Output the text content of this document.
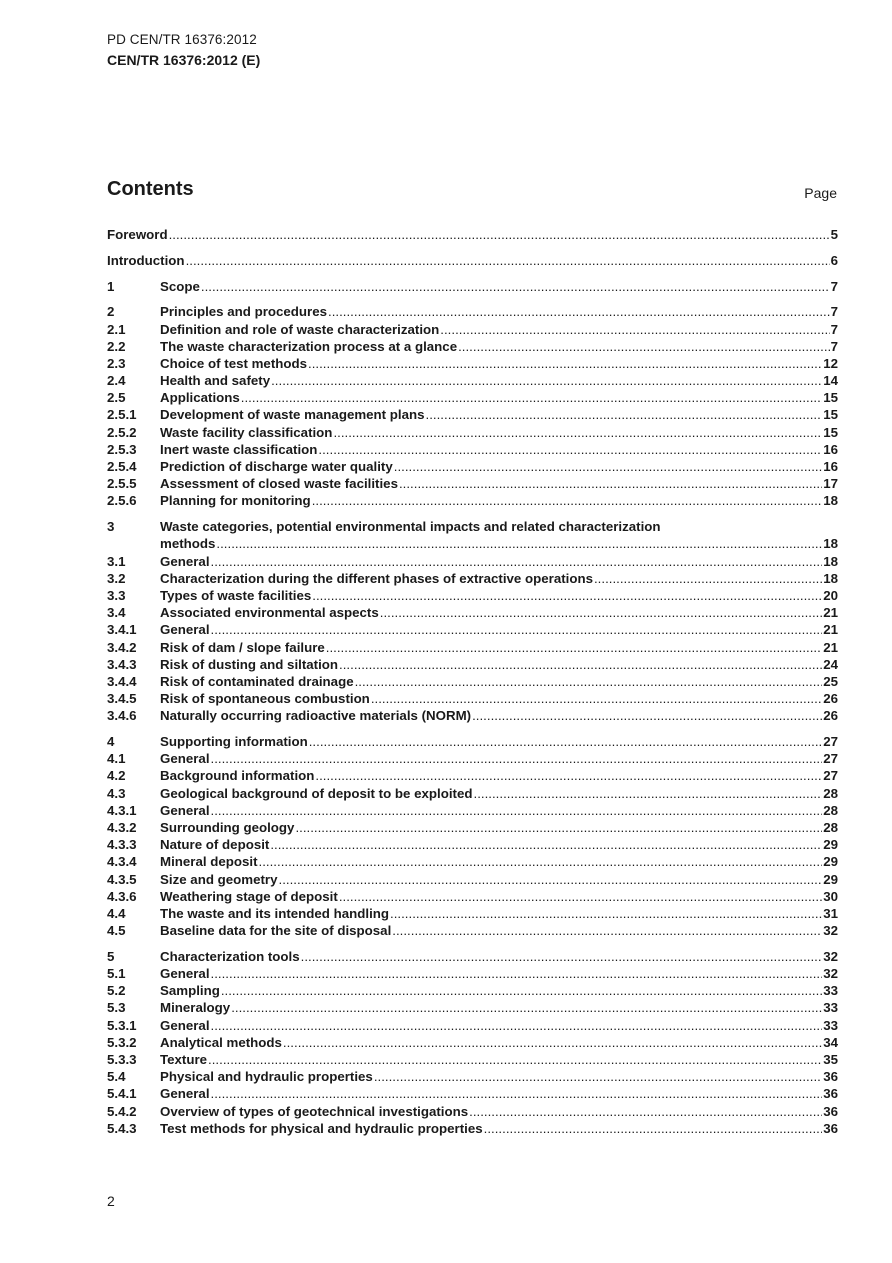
PD CEN/TR 16376:2012
CEN/TR 16376:2012 (E)
Contents	Page
Foreword .....	5
Introduction .....	6
1	Scope .....	7
2	Principles and procedures .....	7
2.1	Definition and role of waste characterization .....	7
2.2	The waste characterization process at a glance .....	7
2.3	Choice of test methods .....	12
2.4	Health and safety .....	14
2.5	Applications .....	15
2.5.1	Development of waste management plans .....	15
2.5.2	Waste facility classification .....	15
2.5.3	Inert waste classification .....	16
2.5.4	Prediction of discharge water quality .....	16
2.5.5	Assessment of closed waste facilities .....	17
2.5.6	Planning for monitoring .....	18
3	Waste categories, potential environmental impacts and related characterization
methods .....	18
3.1	General .....	18
3.2	Characterization during the different phases of extractive operations .....	18
3.3	Types of waste facilities .....	20
3.4	Associated environmental aspects .....	21
3.4.1	General .....	21
3.4.2	Risk of dam / slope failure .....	21
3.4.3	Risk of dusting and siltation .....	24
3.4.4	Risk of contaminated drainage .....	25
3.4.5	Risk of spontaneous combustion .....	26
3.4.6	Naturally occurring radioactive materials (NORM) .....	26
4	Supporting information .....	27
4.1	General .....	27
4.2	Background information .....	27
4.3	Geological background of deposit to be exploited .....	28
4.3.1	General .....	28
4.3.2	Surrounding geology .....	28
4.3.3	Nature of deposit .....	29
4.3.4	Mineral deposit .....	29
4.3.5	Size and geometry .....	29
4.3.6	Weathering stage of deposit .....	30
4.4	The waste and its intended handling .....	31
4.5	Baseline data for the site of disposal .....	32
5	Characterization tools .....	32
5.1	General .....	32
5.2	Sampling .....	33
5.3	Mineralogy .....	33
5.3.1	General .....	33
5.3.2	Analytical methods .....	34
5.3.3	Texture .....	35
5.4	Physical and hydraulic properties .....	36
5.4.1	General .....	36
5.4.2	Overview of types of geotechnical investigations .....	36
5.4.3	Test methods for physical and hydraulic properties .....	36
2
